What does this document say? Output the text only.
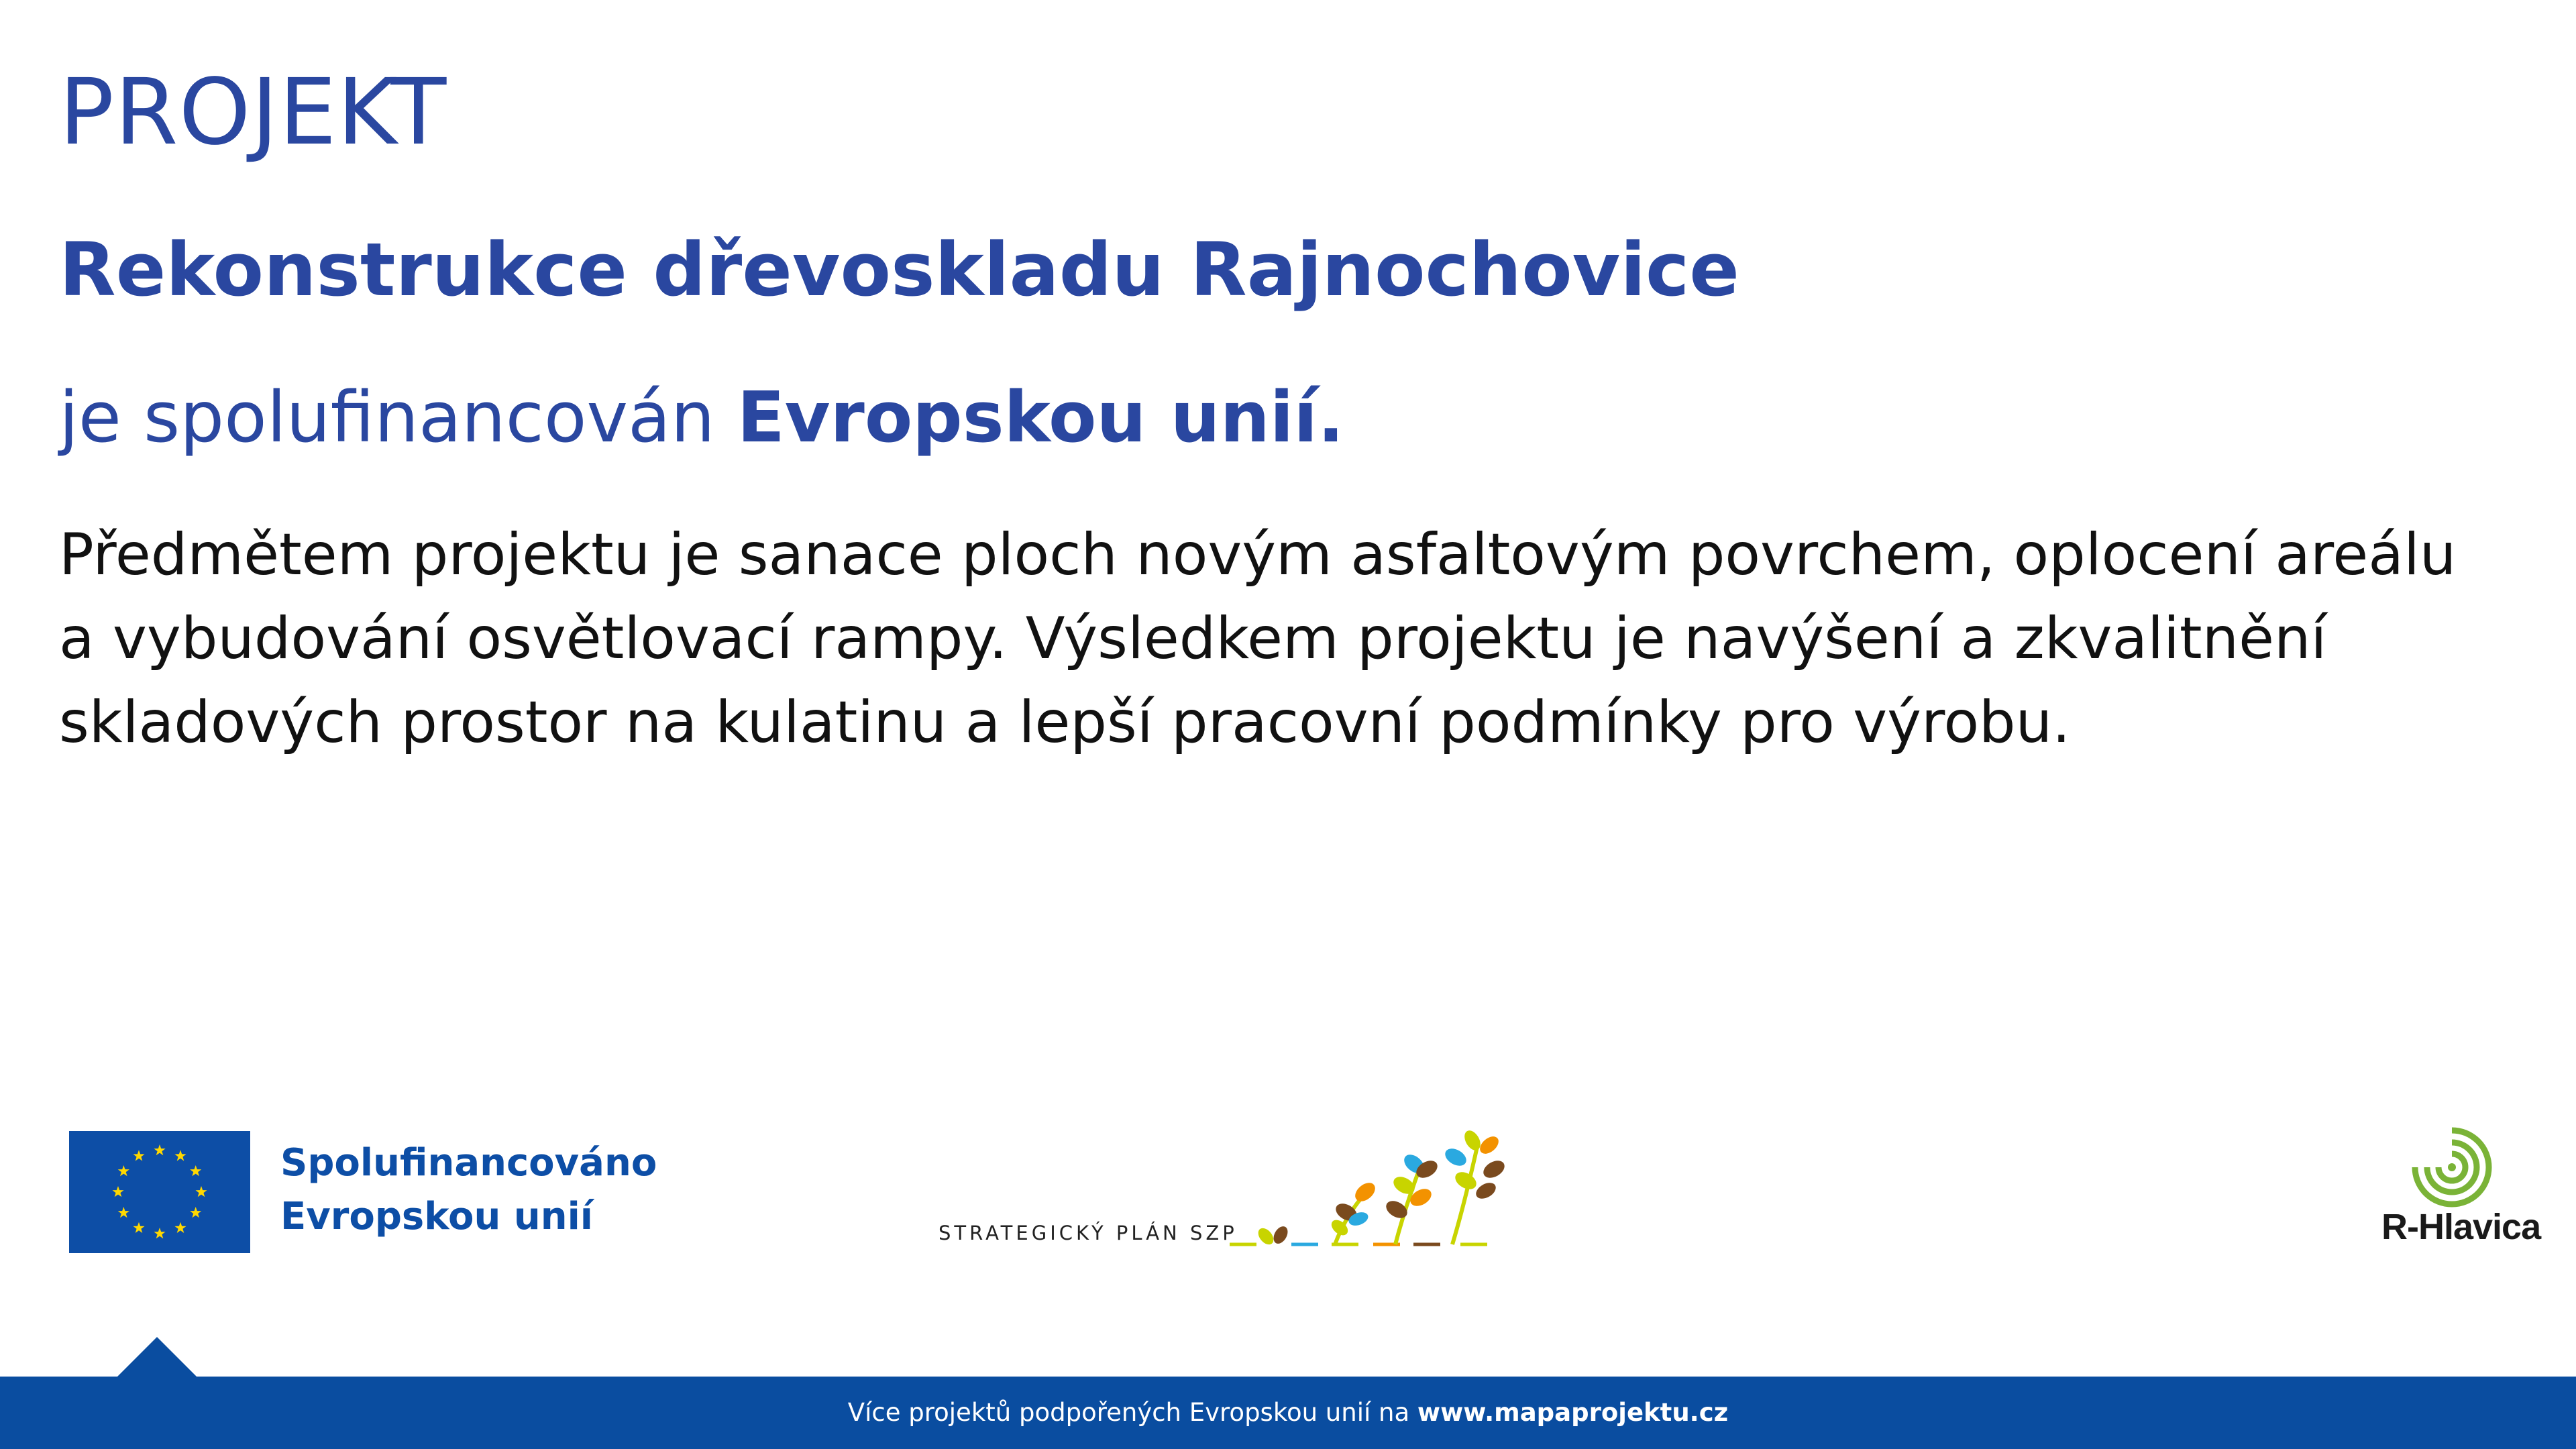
PROJEKT
Rekonstrukce dřevoskladu Rajnochovice

je spolufinancován Evropskou unií.

Předmětem projektu je sanace ploch novým asfaltovým povrchem, oplocení areálu
a vybudování osvětlovací rampy. Výsledkem projektu je navýšení a zkvalitnění
skladových prostor na kulatinu a lepší pracovní podmínky pro výrobu.

Spolufinancováno
Evropskou unií	STRATEGICKÝ PLÁN SZP	R-Hlavica
Více projektů podpořených Evropskou unií na www.mapaprojektu.cz
